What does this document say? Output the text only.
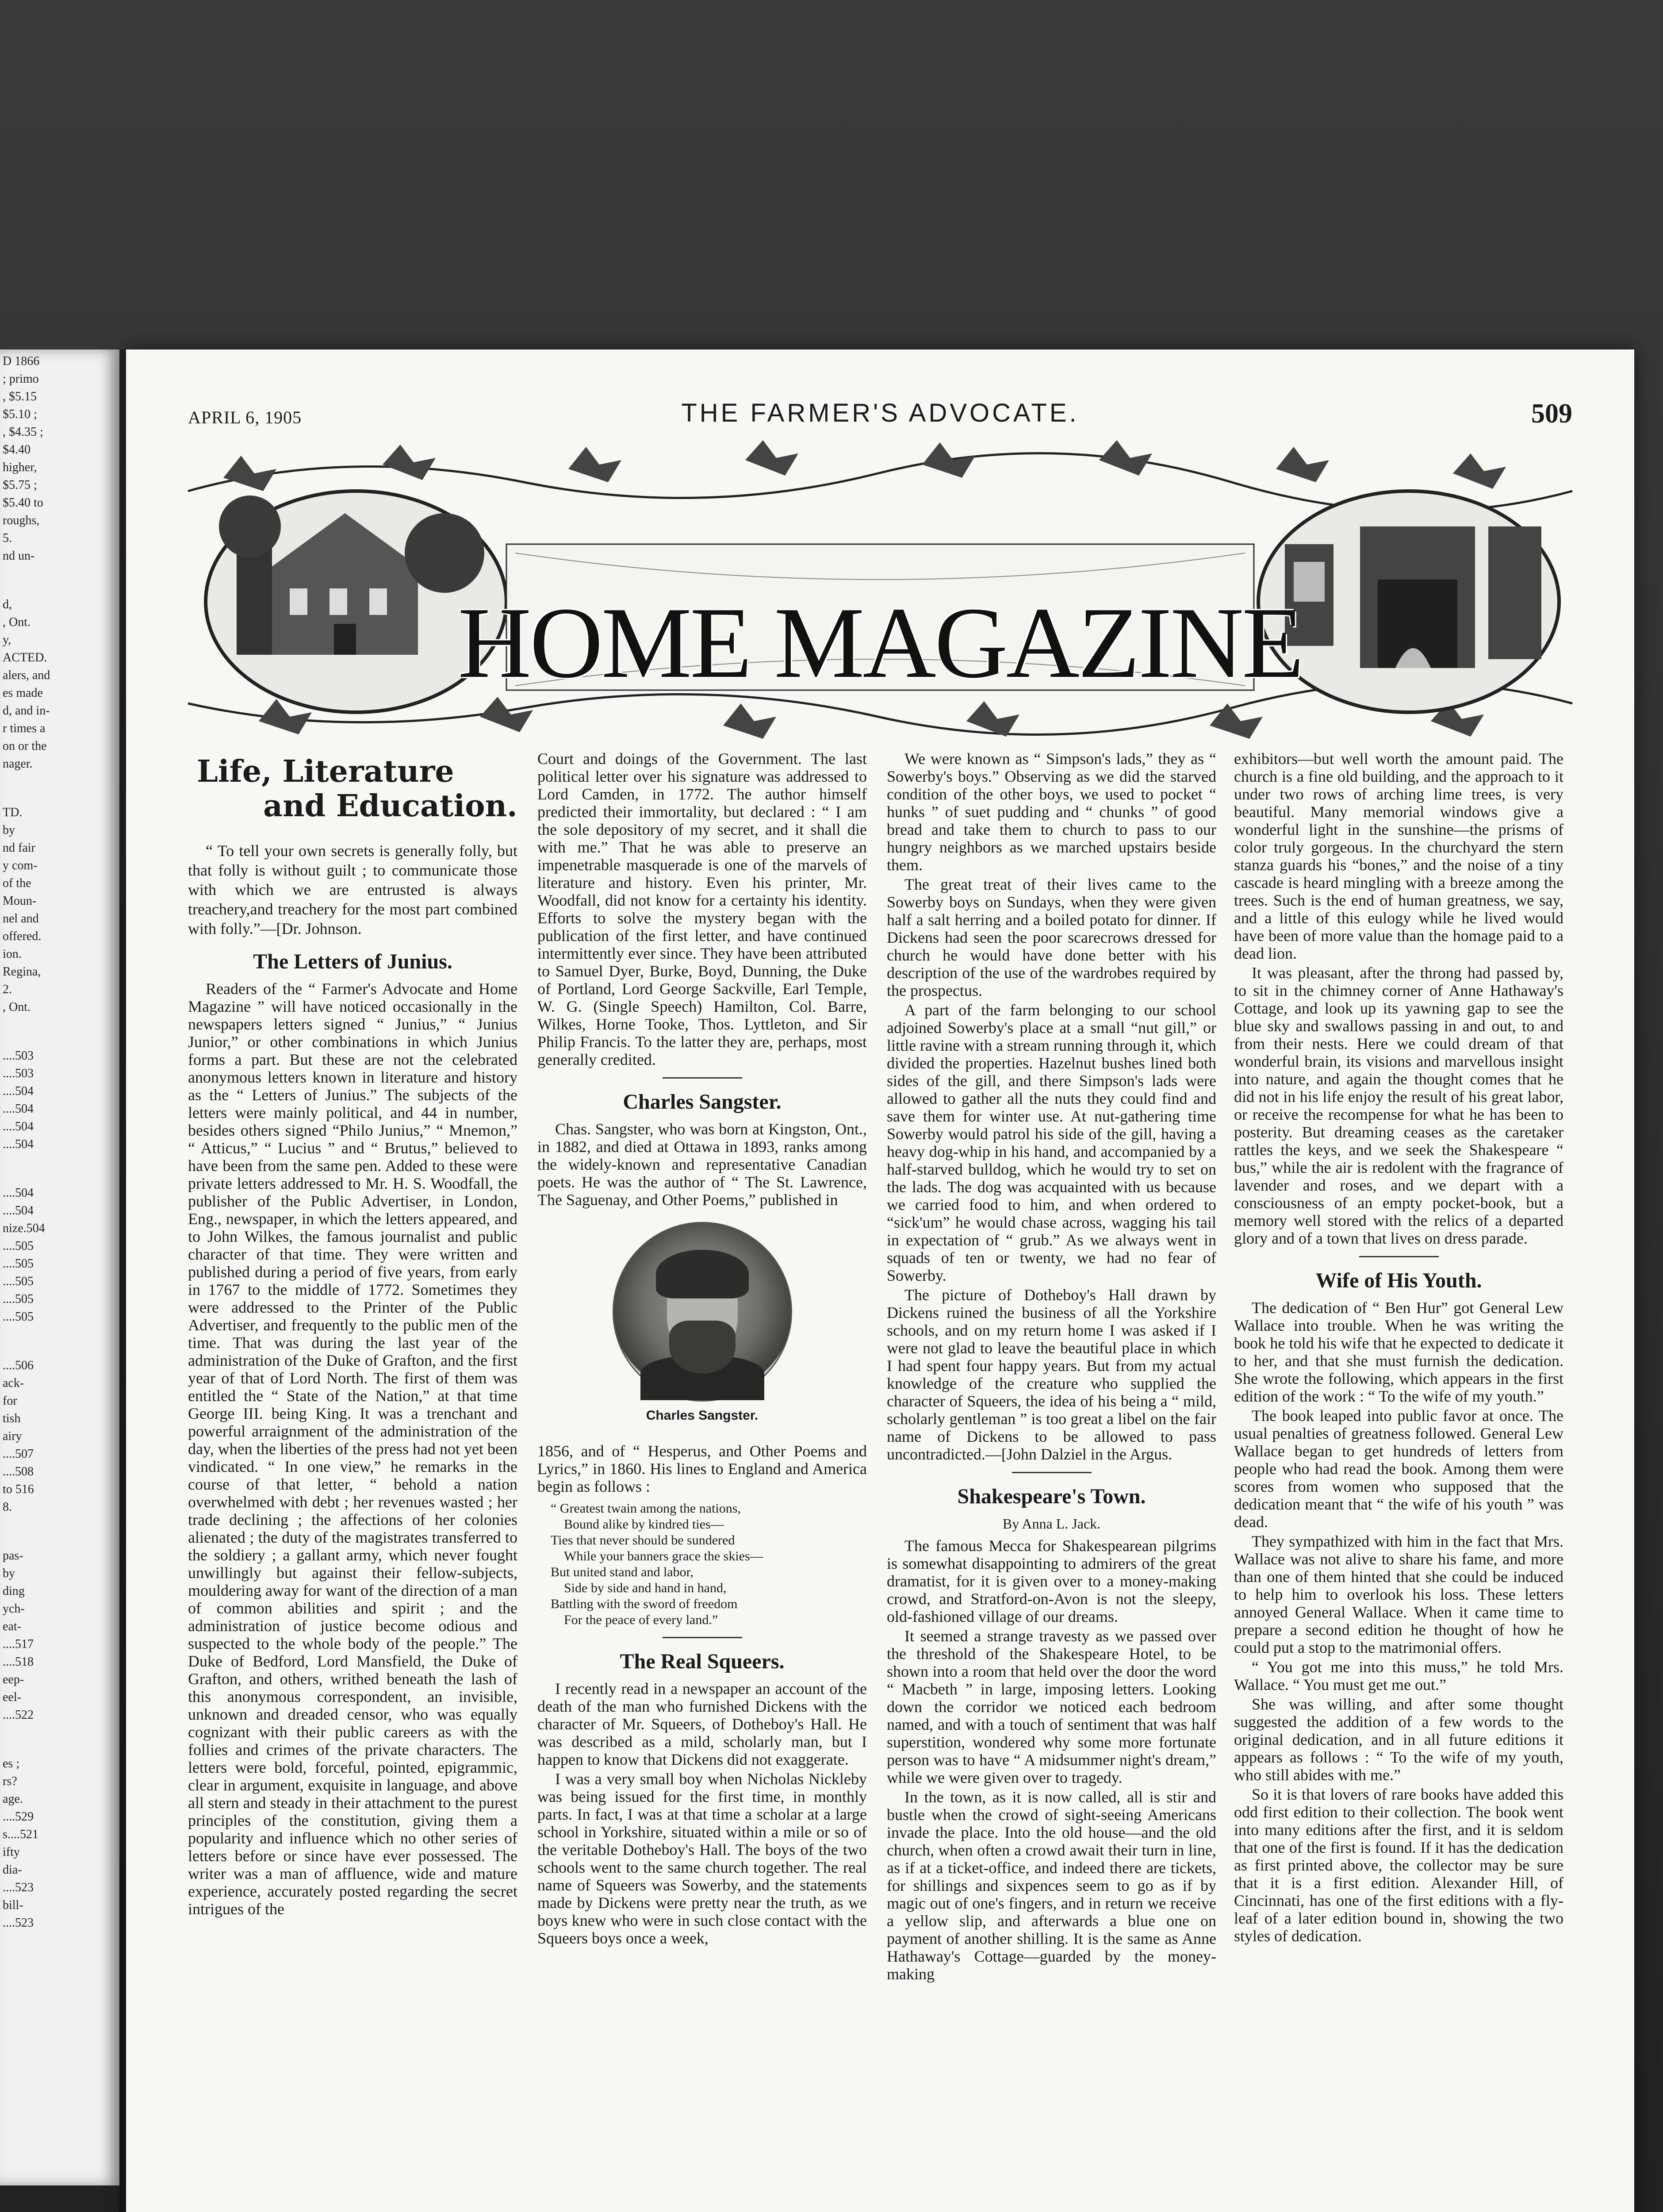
D 1866
; primo
, $5.15
$5.10 ;
, $4.35 ;
$4.40
higher,
$5.75 ;
$5.40 to
roughs,
5.
nd un-
d,
, Ont.
y,
ACTED.
alers, and
es made
d, and in-
r times a
on or the
nager.
TD.
by
nd fair
y com-
of the
Moun-
nel and
offered.
ion.
Regina,
2.
, Ont.
....503
....503
....504
....504
....504
....504
....504
....504
nize.504
....505
....505
....505
....505
....505
....506
ack-
for
tish
airy
....507
....508
to 516
8.
pas-
by
ding
ych-
eat-
....517
....518
eep-
eel-
....522
es ;
rs?
age.
....529
s....521
ifty
dia-
....523
bill-
....523
APRIL 6, 1905	THE FARMER'S ADVOCATE.	509
HOME MAGAZINE
Life, Literature
and Education.
“ To tell your own secrets is generally folly, but that folly is without guilt ; to communicate those with which we are entrusted is always treachery,and treachery for the most part combined with folly.”—[Dr. Johnson.
The Letters of Junius.

Readers of the “ Farmer's Advocate and Home Magazine ” will have noticed occasionally in the newspapers letters signed “ Junius,” “ Junius Junior,” or other combinations in which Junius forms a part. But these are not the celebrated anonymous letters known in literature and history as the “ Letters of Junius.” The subjects of the letters were mainly political, and 44 in number, besides others signed “Philo Junius,” “ Mnemon,” “ Atticus,” “ Lucius ” and “ Brutus,” believed to have been from the same pen. Added to these were private letters addressed to Mr. H. S. Woodfall, the publisher of the Public Advertiser, in London, Eng., newspaper, in which the letters appeared, and to John Wilkes, the famous journalist and public character of that time. They were written and published during a period of five years, from early in 1767 to the middle of 1772. Sometimes they were addressed to the Printer of the Public Advertiser, and frequently to the public men of the time. That was during the last year of the administration of the Duke of Grafton, and the first year of that of Lord North. The first of them was entitled the “ State of the Nation,” at that time George III. being King. It was a trenchant and powerful arraignment of the administration of the day, when the liberties of the press had not yet been vindicated. “ In one view,” he remarks in the course of that letter, “ behold a nation overwhelmed with debt ; her revenues wasted ; her trade declining ; the affections of her colonies alienated ; the duty of the magistrates transferred to the soldiery ; a gallant army, which never fought unwillingly but against their fellow-subjects, mouldering away for want of the direction of a man of common abilities and spirit ; and the administration of justice become odious and suspected to the whole body of the people.” The Duke of Bedford, Lord Mansfield, the Duke of Grafton, and others, writhed beneath the lash of this anonymous correspondent, an invisible, unknown and dreaded censor, who was equally cognizant with their public careers as with the follies and crimes of the private characters. The letters were bold, forceful, pointed, epigrammic, clear in argument, exquisite in language, and above all stern and steady in their attachment to the purest principles of the constitution, giving them a popularity and influence which no other series of letters before or since have ever possessed. The writer was a man of affluence, wide and mature experience, accurately posted regarding the secret intrigues of the

Court and doings of the Government. The last political letter over his signature was addressed to Lord Camden, in 1772. The author himself predicted their immortality, but declared : “ I am the sole depository of my secret, and it shall die with me.” That he was able to preserve an impenetrable masquerade is one of the marvels of literature and history. Even his printer, Mr. Woodfall, did not know for a certainty his identity. Efforts to solve the mystery began with the publication of the first letter, and have continued intermittently ever since. They have been attributed to Samuel Dyer, Burke, Boyd, Dunning, the Duke of Portland, Lord George Sackville, Earl Temple, W. G. (Single Speech) Hamilton, Col. Barre, Wilkes, Horne Tooke, Thos. Lyttleton, and Sir Philip Francis. To the latter they are, perhaps, most generally credited.

Charles Sangster.

Chas. Sangster, who was born at Kingston, Ont., in 1882, and died at Ottawa in 1893, ranks among the widely-known and representative Canadian poets. He was the author of “ The St. Lawrence, The Saguenay, and Other Poems,” published in

Charles Sangster.

1856, and of “ Hesperus, and Other Poems and Lyrics,” in 1860. His lines to England and America begin as follows :

“ Greatest twain among the nations,
Bound alike by kindred ties—
Ties that never should be sundered
While your banners grace the skies—
But united stand and labor,
Side by side and hand in hand,
Battling with the sword of freedom
For the peace of every land.”
The Real Squeers.

I recently read in a newspaper an account of the death of the man who furnished Dickens with the character of Mr. Squeers, of Dotheboy's Hall. He was described as a mild, scholarly man, but I happen to know that Dickens did not exaggerate.

I was a very small boy when Nicholas Nickleby was being issued for the first time, in monthly parts. In fact, I was at that time a scholar at a large school in Yorkshire, situated within a mile or so of the veritable Dotheboy's Hall. The boys of the two schools went to the same church together. The real name of Squeers was Sowerby, and the statements made by Dickens were pretty near the truth, as we boys knew who were in such close contact with the Squeers boys once a week,

We were known as “ Simpson's lads,” they as “ Sowerby's boys.” Observing as we did the starved condition of the other boys, we used to pocket “ hunks ” of suet pudding and “ chunks ” of good bread and take them to church to pass to our hungry neighbors as we marched upstairs beside them.

The great treat of their lives came to the Sowerby boys on Sundays, when they were given half a salt herring and a boiled potato for dinner. If Dickens had seen the poor scarecrows dressed for church he would have done better with his description of the use of the wardrobes required by the prospectus.

A part of the farm belonging to our school adjoined Sowerby's place at a small “nut gill,” or little ravine with a stream running through it, which divided the properties. Hazelnut bushes lined both sides of the gill, and there Simpson's lads were allowed to gather all the nuts they could find and save them for winter use. At nut-gathering time Sowerby would patrol his side of the gill, having a heavy dog-whip in his hand, and accompanied by a half-starved bulldog, which he would try to set on the lads. The dog was acquainted with us because we carried food to him, and when ordered to “sick'um” he would chase across, wagging his tail in expectation of “ grub.” As we always went in squads of ten or twenty, we had no fear of Sowerby.

The picture of Dotheboy's Hall drawn by Dickens ruined the business of all the Yorkshire schools, and on my return home I was asked if I were not glad to leave the beautiful place in which I had spent four happy years. But from my actual knowledge of the creature who supplied the character of Squeers, the idea of his being a “ mild, scholarly gentleman ” is too great a libel on the fair name of Dickens to be allowed to pass uncontradicted.—[John Dalziel in the Argus.

Shakespeare's Town.
By Anna L. Jack.

The famous Mecca for Shakespearean pilgrims is somewhat disappointing to admirers of the great dramatist, for it is given over to a money-making crowd, and Stratford-on-Avon is not the sleepy, old-fashioned village of our dreams.

It seemed a strange travesty as we passed over the threshold of the Shakespeare Hotel, to be shown into a room that held over the door the word “ Macbeth ” in large, imposing letters. Looking down the corridor we noticed each bedroom named, and with a touch of sentiment that was half superstition, wondered why some more fortunate person was to have “ A midsummer night's dream,” while we were given over to tragedy.

In the town, as it is now called, all is stir and bustle when the crowd of sight-seeing Americans invade the place. Into the old house—and the old church, when often a crowd await their turn in line, as if at a ticket-office, and indeed there are tickets, for shillings and sixpences seem to go as if by magic out of one's fingers, and in return we receive a yellow slip, and afterwards a blue one on payment of another shilling. It is the same as Anne Hathaway's Cottage—guarded by the money-making

exhibitors—but well worth the amount paid. The church is a fine old building, and the approach to it under two rows of arching lime trees, is very beautiful. Many memorial windows give a wonderful light in the sunshine—the prisms of color truly gorgeous. In the churchyard the stern stanza guards his “bones,” and the noise of a tiny cascade is heard mingling with a breeze among the trees. Such is the end of human greatness, we say, and a little of this eulogy while he lived would have been of more value than the homage paid to a dead lion.

It was pleasant, after the throng had passed by, to sit in the chimney corner of Anne Hathaway's Cottage, and look up its yawning gap to see the blue sky and swallows passing in and out, to and from their nests. Here we could dream of that wonderful brain, its visions and marvellous insight into nature, and again the thought comes that he did not in his life enjoy the result of his great labor, or receive the recompense for what he has been to posterity. But dreaming ceases as the caretaker rattles the keys, and we seek the Shakespeare “ bus,” while the air is redolent with the fragrance of lavender and roses, and we depart with a consciousness of an empty pocket-book, but a memory well stored with the relics of a departed glory and of a town that lives on dress parade.

Wife of His Youth.

The dedication of “ Ben Hur” got General Lew Wallace into trouble. When he was writing the book he told his wife that he expected to dedicate it to her, and that she must furnish the dedication. She wrote the following, which appears in the first edition of the work : “ To the wife of my youth.”

The book leaped into public favor at once. The usual penalties of greatness followed. General Lew Wallace began to get hundreds of letters from people who had read the book. Among them were scores from women who supposed that the dedication meant that “ the wife of his youth ” was dead.

They sympathized with him in the fact that Mrs. Wallace was not alive to share his fame, and more than one of them hinted that she could be induced to help him to overlook his loss. These letters annoyed General Wallace. When it came time to prepare a second edition he thought of how he could put a stop to the matrimonial offers.

“ You got me into this muss,” he told Mrs. Wallace. “ You must get me out.”

She was willing, and after some thought suggested the addition of a few words to the original dedication, and in all future editions it appears as follows : “ To the wife of my youth, who still abides with me.”

So it is that lovers of rare books have added this odd first edition to their collection. The book went into many editions after the first, and it is seldom that one of the first is found. If it has the dedication as first printed above, the collector may be sure that it is a first edition. Alexander Hill, of Cincinnati, has one of the first editions with a fly-leaf of a later edition bound in, showing the two styles of dedication.
